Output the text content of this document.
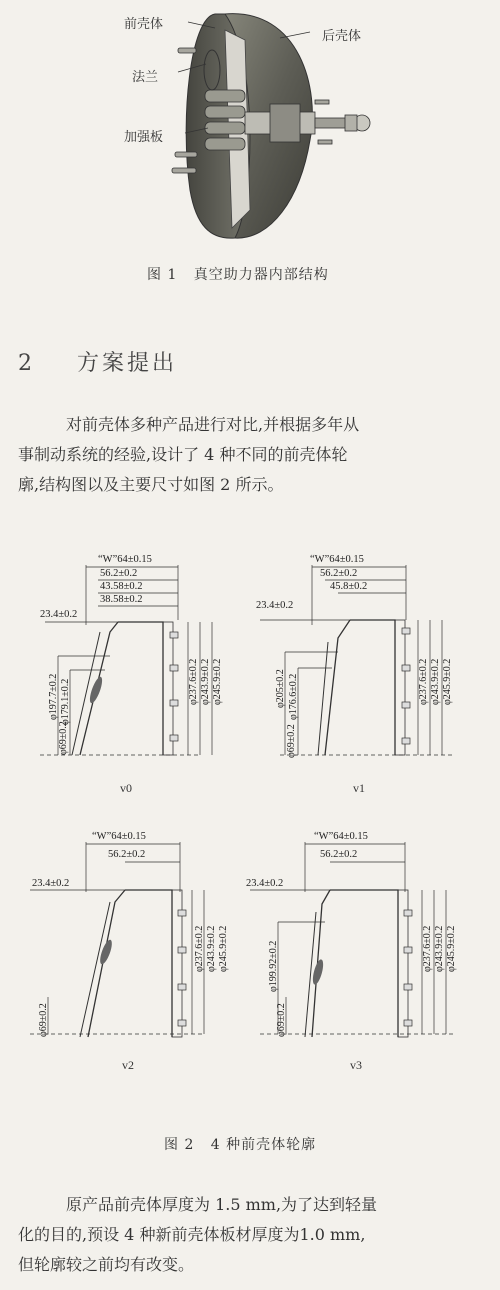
前壳体
后壳体
法兰
加强板
图 1 真空助力器内部结构
2 方案提出
对前壳体多种产品进行对比,并根据多年从
事制动系统的经验,设计了 4 种不同的前壳体轮
廓,结构图以及主要尺寸如图 2 所示。
“W”64±0.15
56.2±0.2
43.58±0.2
38.58±0.2
23.4±0.2
φ197.7±0.2 φ179.1±0.2
φ69±0.2
φ237.6±0.2 φ243.9±0.2 φ245.9±0.2
v0
“W”64±0.15
56.2±0.2
45.8±0.2
23.4±0.2
φ205±0.2 φ176.6±0.2
φ69±0.2
φ237.6±0.2 φ243.9±0.2 φ245.9±0.2
v1
“W”64±0.15
56.2±0.2
23.4±0.2
φ69±0.2
φ237.6±0.2 φ243.9±0.2 φ245.9±0.2
v2
“W”64±0.15
56.2±0.2
23.4±0.2
φ199.92±0.2
φ69±0.2
φ237.6±0.2 φ243.9±0.2 φ245.9±0.2
v3
图 2 4 种前壳体轮廓
原产品前壳体厚度为 1.5 mm,为了达到轻量
化的目的,预设 4 种新前壳体板材厚度为1.0 mm,
但轮廓较之前均有改变。
